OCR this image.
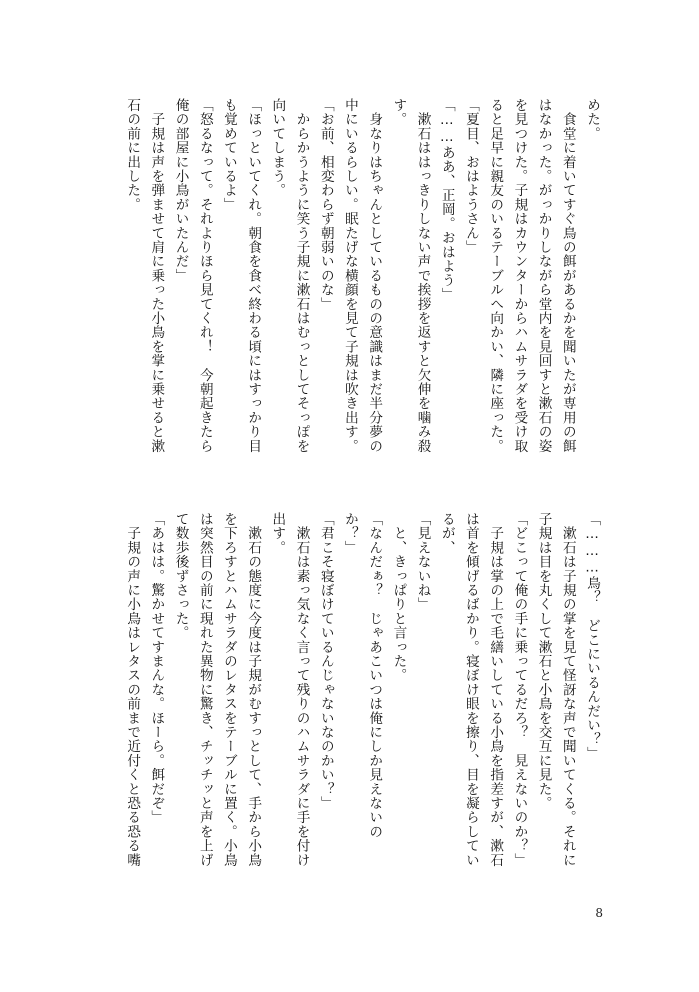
めた。
　食堂に着いてすぐ鳥の餌があるかを聞いたが専用の餌
はなかった。がっかりしながら堂内を見回すと漱石の姿
を見つけた。子規はカウンターからハムサラダを受け取
ると足早に親友のいるテーブルへ向かい、隣に座った。
「夏目、おはようさん」
「……ああ、正岡。おはよう」
　漱石ははっきりしない声で挨拶を返すと欠伸を噛み殺
す。
　身なりはちゃんとしているものの意識はまだ半分夢の
中にいるらしい。眠たげな横顔を見て子規は吹き出す。
「お前、相変わらず朝弱いのな」
　からかうように笑う子規に漱石はむっとしてそっぽを
向いてしまう。
「ほっといてくれ。朝食を食べ終わる頃にはすっかり目
も覚めているよ」
「怒るなって。それよりほら見てくれ！　今朝起きたら
俺の部屋に小鳥がいたんだ」
　子規は声を弾ませて肩に乗った小鳥を掌に乗せると漱
石の前に出した。
「………鳥？　どこにいるんだい？」
　漱石は子規の掌を見て怪訝な声で聞いてくる。それに
子規は目を丸くして漱石と小鳥を交互に見た。
「どこって俺の手に乗ってるだろ？　見えないのか？」
　子規は掌の上で毛繕いしている小鳥を指差すが、漱石
は首を傾げるばかり。寝ぼけ眼を擦り、目を凝らしてい
るが、
「見えないね」
　と、きっぱりと言った。
「なんだぁ？　じゃあこいつは俺にしか見えないの
か？」
「君こそ寝ぼけているんじゃないなのかい？」
　漱石は素っ気なく言って残りのハムサラダに手を付け
出す。
　漱石の態度に今度は子規がむすっとして、手から小鳥
を下ろすとハムサラダのレタスをテーブルに置く。小鳥
は突然目の前に現れた異物に驚き、チッチッと声を上げ
て数歩後ずさった。
「あはは。驚かせてすまんな。ほーら。餌だぞ」
　子規の声に小鳥はレタスの前まで近付くと恐る恐る嘴
8
